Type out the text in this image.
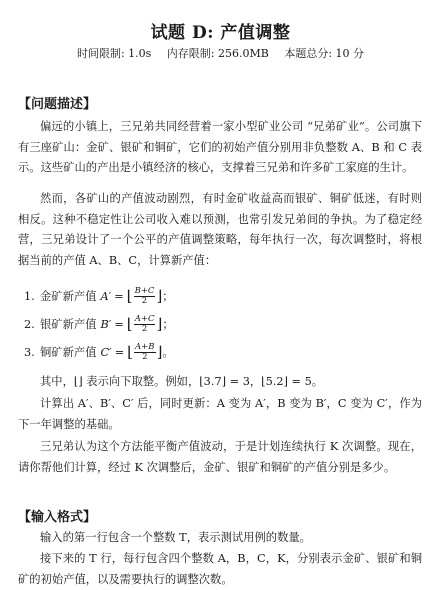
试题 D: 产值调整
时间限制: 1.0s 内存限制: 256.0MB 本题总分: 10 分
【问题描述】
偏远的小镇上，三兄弟共同经营着一家小型矿业公司 “兄弟矿业”。公司旗下有三座矿山：金矿、银矿和铜矿，它们的初始产值分别用非负整数 A、B 和 C 表示。这些矿山的产出是小镇经济的核心，支撑着三兄弟和许多矿工家庭的生计。
然而，各矿山的产值波动剧烈，有时金矿收益高而银矿、铜矿低迷，有时则相反。这种不稳定性让公司收入难以预测，也常引发兄弟间的争执。为了稳定经营，三兄弟设计了一个公平的产值调整策略，每年执行一次，每次调整时，将根据当前的产值 A、B、C，计算新产值：
1. 金矿新产值 A′ = ⌊ $\frac{B+C}{2}$ ⌋ ；
2. 银矿新产值 B′ = ⌊ $\frac{A+C}{2}$ ⌋ ；
3. 铜矿新产值 C′ = ⌊ $\frac{A+B}{2}$ ⌋ 。
其中，⌊⌋ 表示向下取整。例如，⌊3.7⌋ = 3，⌊5.2⌋ = 5。
计算出 A′、B′、C′ 后，同时更新：A 变为 A′，B 变为 B′，C 变为 C′，作为下一年调整的基础。
三兄弟认为这个方法能平衡产值波动，于是计划连续执行 K 次调整。现在，请你帮他们计算，经过 K 次调整后，金矿、银矿和铜矿的产值分别是多少。
【输入格式】
输入的第一行包含一个整数 T，表示测试用例的数量。
接下来的 T 行，每行包含四个整数 A，B，C，K，分别表示金矿、银矿和铜矿的初始产值，以及需要执行的调整次数。
